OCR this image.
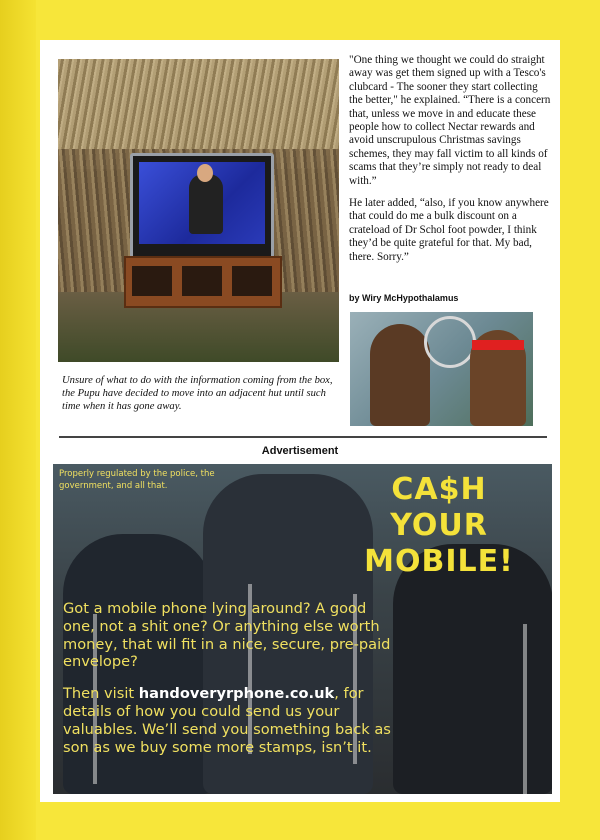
"One thing we thought we could do straight away was get them signed up with a Tesco's clubcard - The sooner they start collecting the better," he explained. “There is a concern that, unless we move in and educate these people how to collect Nectar rewards and avoid unscrupulous Christmas savings schemes, they may fall victim to all kinds of scams that they’re simply not ready to deal with.”

He later added, “also, if you know anywhere that could do me a bulk discount on a crateload of Dr Schol foot powder, I think they’d be quite grateful for that. My bad, there. Sorry.”

by Wiry McHypothalamus
Unsure of what to do with the information coming from the box, the Pupu have decided to move into an adjacent hut until such time when it has gone away.
Advertisement
Properly regulated by the police, the government, and all that.	CA$H YOUR
MOBILE!

Got a mobile phone lying around? A good one, not a shit one? Or anything else worth money, that wil fit in a nice, secure, pre-paid envelope?

Then visit handoveryrphone.co.uk, for details of how you could send us your valuables. We’ll send you something back as son as we buy some more stamps, isn’t it.
